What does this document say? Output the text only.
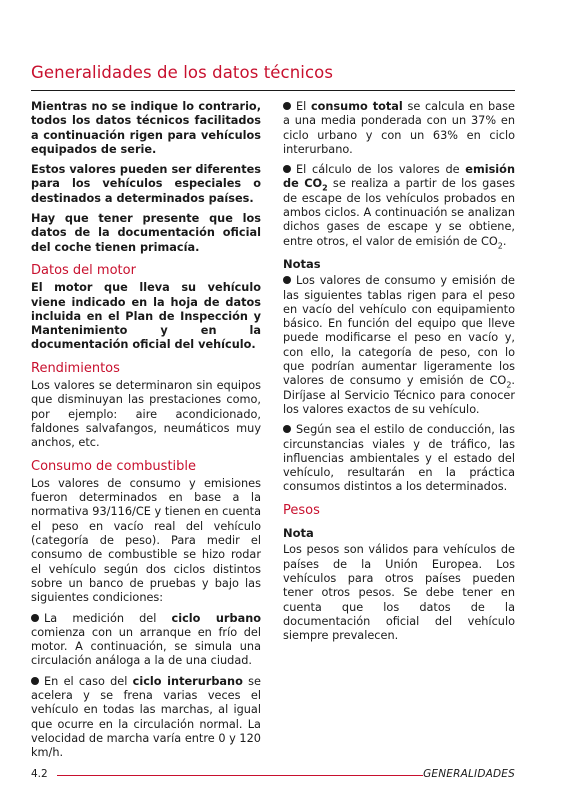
Generalidades de los datos técnicos

Mientras no se indique lo contrario, todos los datos técnicos facilitados a continuación rigen para vehículos equipados de serie.

Estos valores pueden ser diferentes para los vehículos especiales o destinados a determinados países.

Hay que tener presente que los datos de la documentación oficial del coche tienen primacía.

Datos del motor

El motor que lleva su vehículo viene indicado en la hoja de datos incluida en el Plan de Inspección y Mantenimiento y en la documentación oficial del vehículo.

Rendimientos

Los valores se determinaron sin equipos que disminuyan las prestaciones como, por ejemplo: aire acondicionado, faldones salvafangos, neumáticos muy anchos, etc.

Consumo de combustible

Los valores de consumo y emisiones fueron determinados en base a la normativa 93/116/CE y tienen en cuenta el peso en vacío real del vehículo (categoría de peso). Para medir el consumo de combustible se hizo rodar el vehículo según dos ciclos distintos sobre un banco de pruebas y bajo las siguientes condiciones:

La medición del ciclo urbano comienza con un arranque en frío del motor. A continuación, se simula una circulación análoga a la de una ciudad.

En el caso del ciclo interurbano se acelera y se frena varias veces el vehículo en todas las marchas, al igual que ocurre en la circulación normal. La velocidad de marcha varía entre 0 y 120 km/h.

El consumo total se calcula en base a una media ponderada con un 37% en ciclo urbano y con un 63% en ciclo interurbano.

El cálculo de los valores de emisión de $CO_2$ se realiza a partir de los gases de escape de los vehículos probados en ambos ciclos. A continuación se analizan dichos gases de escape y se obtiene, entre otros, el valor de emisión de $CO_2$.

Notas

Los valores de consumo y emisión de las siguientes tablas rigen para el peso en vacío del vehículo con equipamiento básico. En función del equipo que lleve puede modificarse el peso en vacío y, con ello, la categoría de peso, con lo que podrían aumentar ligeramente los valores de consumo y emisión de $CO_2$. Diríjase al Servicio Técnico para conocer los valores exactos de su vehículo.

Según sea el estilo de conducción, las circunstancias viales y de tráfico, las influencias ambientales y el estado del vehículo, resultarán en la práctica consumos distintos a los determinados.

Pesos
Nota

Los pesos son válidos para vehículos de países de la Unión Europea. Los vehículos para otros países pueden tener otros pesos. Se debe tener en cuenta que los datos de la documentación oficial del vehículo siempre prevalecen.

4.2	GENERALIDADES
